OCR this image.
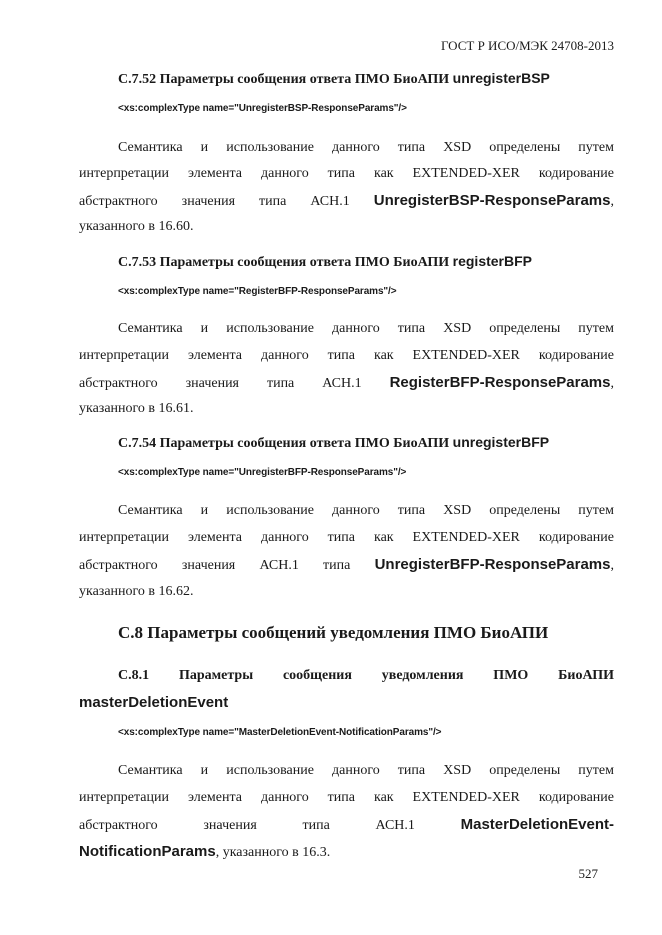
ГОСТ Р ИСО/МЭК 24708-2013
С.7.52 Параметры сообщения ответа ПМО БиоАПИ unregisterBSP
<xs:complexType name="UnregisterBSP-ResponseParams"/>
Семантика и использование данного типа XSD определены путем
интерпретации элемента данного типа как EXTENDED-XER кодирование
абстрактного значения типа АСН.1 UnregisterBSP-ResponseParams,
указанного в 16.60.
С.7.53 Параметры сообщения ответа ПМО БиоАПИ registerBFP
<xs:complexType name="RegisterBFP-ResponseParams"/>
Семантика и использование данного типа XSD определены путем
интерпретации элемента данного типа как EXTENDED-XER кодирование
абстрактного значения типа АСН.1 RegisterBFP-ResponseParams,
указанного в 16.61.
С.7.54 Параметры сообщения ответа ПМО БиоАПИ unregisterBFP
<xs:complexType name="UnregisterBFP-ResponseParams"/>
Семантика и использование данного типа XSD определены путем
интерпретации элемента данного типа как EXTENDED-XER кодирование
абстрактного значения АСН.1 типа UnregisterBFP-ResponseParams,
указанного в 16.62.
С.8 Параметры сообщений уведомления ПМО БиоАПИ
С.8.1 Параметры сообщения уведомления ПМО БиоАПИ
masterDeletionEvent
<xs:complexType name="MasterDeletionEvent-NotificationParams"/>
Семантика и использование данного типа XSD определены путем
интерпретации элемента данного типа как EXTENDED-XER кодирование
абстрактного значения типа АСН.1 MasterDeletionEvent-
NotificationParams, указанного в 16.3.
527
